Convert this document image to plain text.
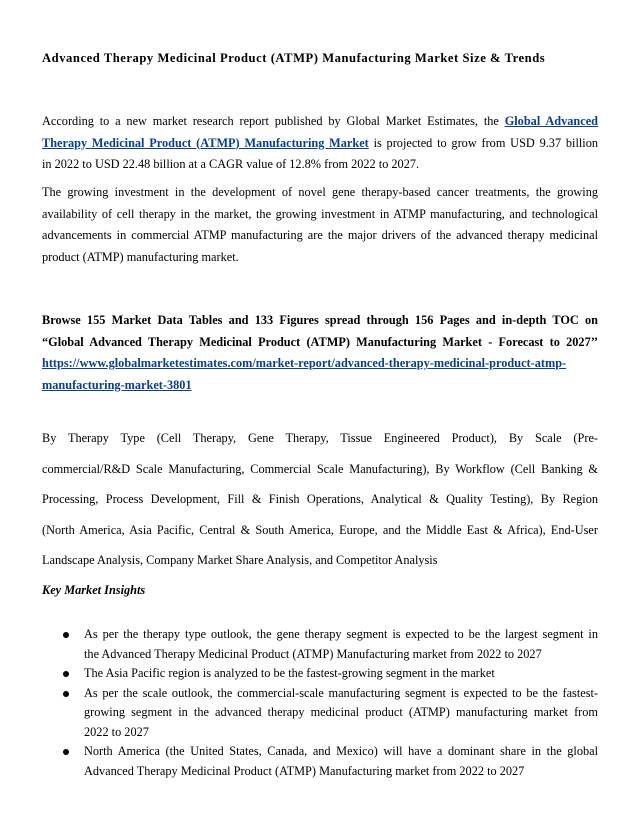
Advanced Therapy Medicinal Product (ATMP) Manufacturing Market Size & Trends
According to a new market research report published by Global Market Estimates, the Global Advanced
Therapy Medicinal Product (ATMP) Manufacturing Market is projected to grow from USD 9.37 billion
in 2022 to USD 22.48 billion at a CAGR value of 12.8% from 2022 to 2027.
The growing investment in the development of novel gene therapy-based cancer treatments, the growing
availability of cell therapy in the market, the growing investment in ATMP manufacturing, and technological
advancements in commercial ATMP manufacturing are the major drivers of the advanced therapy medicinal
product (ATMP) manufacturing market.
Browse 155 Market Data Tables and 133 Figures spread through 156 Pages and in-depth TOC on
“Global Advanced Therapy Medicinal Product (ATMP) Manufacturing Market - Forecast to 2027’’
https://www.globalmarketestimates.com/market-report/advanced-therapy-medicinal-product-atmp-
manufacturing-market-3801
By Therapy Type (Cell Therapy, Gene Therapy, Tissue Engineered Product), By Scale (Pre-
commercial/R&D Scale Manufacturing, Commercial Scale Manufacturing), By Workflow (Cell Banking &
Processing, Process Development, Fill & Finish Operations, Analytical & Quality Testing), By Region
(North America, Asia Pacific, Central & South America, Europe, and the Middle East & Africa), End-User
Landscape Analysis, Company Market Share Analysis, and Competitor Analysis
Key Market Insights
As per the therapy type outlook, the gene therapy segment is expected to be the largest segment in
the Advanced Therapy Medicinal Product (ATMP) Manufacturing market from 2022 to 2027
The Asia Pacific region is analyzed to be the fastest-growing segment in the market
As per the scale outlook, the commercial-scale manufacturing segment is expected to be the fastest-
growing segment in the advanced therapy medicinal product (ATMP) manufacturing market from
2022 to 2027
North America (the United States, Canada, and Mexico) will have a dominant share in the global
Advanced Therapy Medicinal Product (ATMP) Manufacturing market from 2022 to 2027
